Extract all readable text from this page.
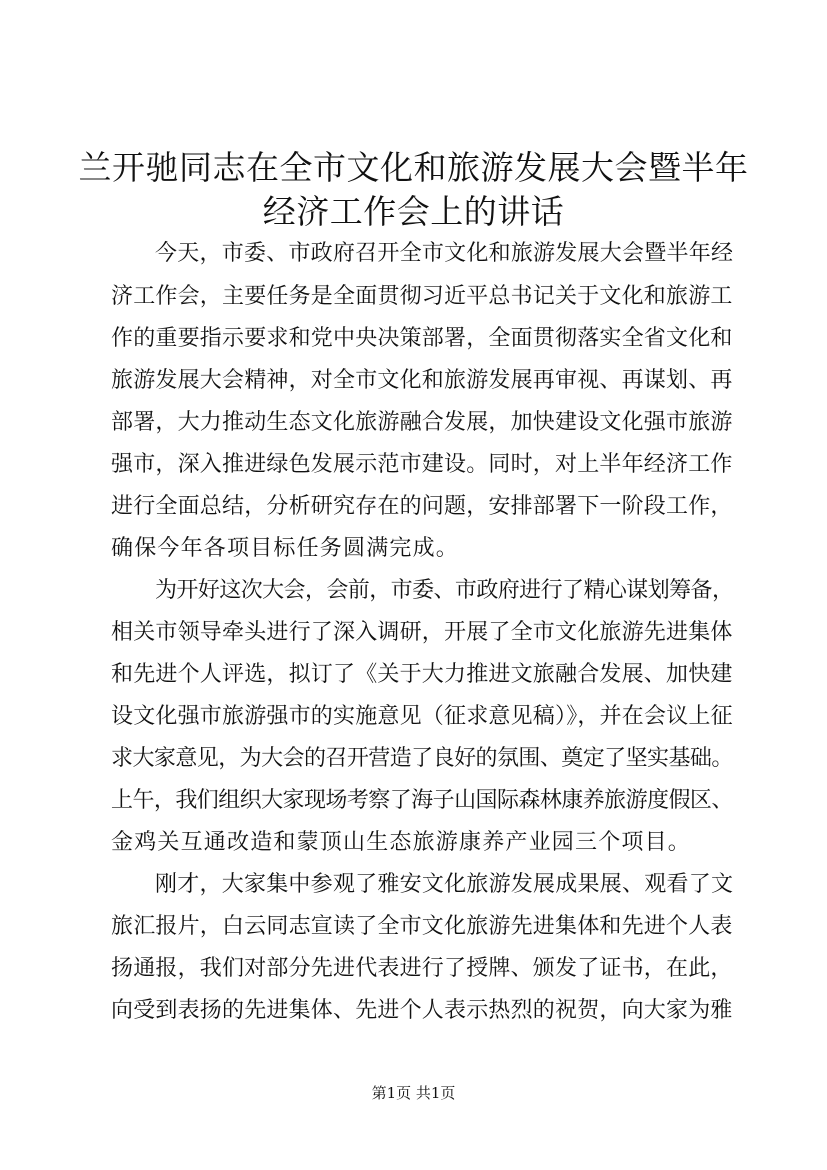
兰开驰同志在全市文化和旅游发展大会暨半年
经济工作会上的讲话
今天，市委、市政府召开全市文化和旅游发展大会暨半年经
济工作会，主要任务是全面贯彻习近平总书记关于文化和旅游工
作的重要指示要求和党中央决策部署，全面贯彻落实全省文化和
旅游发展大会精神，对全市文化和旅游发展再审视、再谋划、再
部署，大力推动生态文化旅游融合发展，加快建设文化强市旅游
强市，深入推进绿色发展示范市建设。同时，对上半年经济工作
进行全面总结，分析研究存在的问题，安排部署下一阶段工作，
确保今年各项目标任务圆满完成。
为开好这次大会，会前，市委、市政府进行了精心谋划筹备，
相关市领导牵头进行了深入调研，开展了全市文化旅游先进集体
和先进个人评选，拟订了《关于大力推进文旅融合发展、加快建
设文化强市旅游强市的实施意见（征求意见稿）》，并在会议上征
求大家意见，为大会的召开营造了良好的氛围、奠定了坚实基础。
上午，我们组织大家现场考察了海子山国际森林康养旅游度假区、
金鸡关互通改造和蒙顶山生态旅游康养产业园三个项目。
刚才，大家集中参观了雅安文化旅游发展成果展、观看了文
旅汇报片，白云同志宣读了全市文化旅游先进集体和先进个人表
扬通报，我们对部分先进代表进行了授牌、颁发了证书，在此，
向受到表扬的先进集体、先进个人表示热烈的祝贺，向大家为雅
第1页 共1页
